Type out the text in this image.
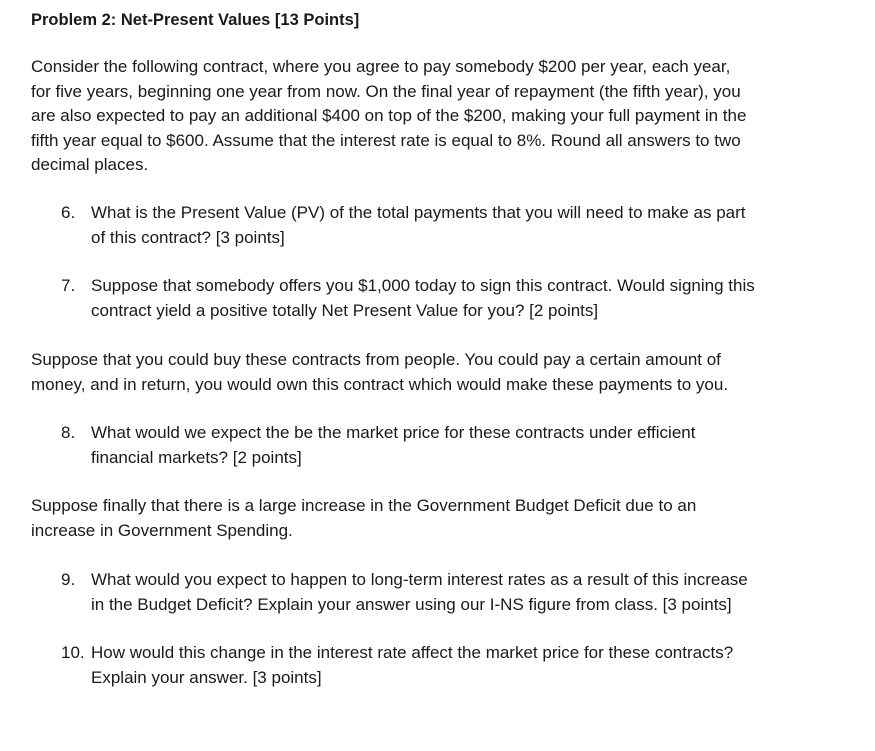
Problem 2: Net-Present Values [13 Points]
Consider the following contract, where you agree to pay somebody $200 per year, each year,
for five years, beginning one year from now. On the final year of repayment (the fifth year), you
are also expected to pay an additional $400 on top of the $200, making your full payment in the
fifth year equal to $600. Assume that the interest rate is equal to 8%. Round all answers to two
decimal places.
6. What is the Present Value (PV) of the total payments that you will need to make as part
of this contract? [3 points]
7. Suppose that somebody offers you $1,000 today to sign this contract. Would signing this
contract yield a positive totally Net Present Value for you? [2 points]
Suppose that you could buy these contracts from people. You could pay a certain amount of
money, and in return, you would own this contract which would make these payments to you.
8. What would we expect the be the market price for these contracts under efficient
financial markets? [2 points]
Suppose finally that there is a large increase in the Government Budget Deficit due to an
increase in Government Spending.
9. What would you expect to happen to long-term interest rates as a result of this increase
in the Budget Deficit? Explain your answer using our I-NS figure from class. [3 points]
10. How would this change in the interest rate affect the market price for these contracts?
Explain your answer. [3 points]
